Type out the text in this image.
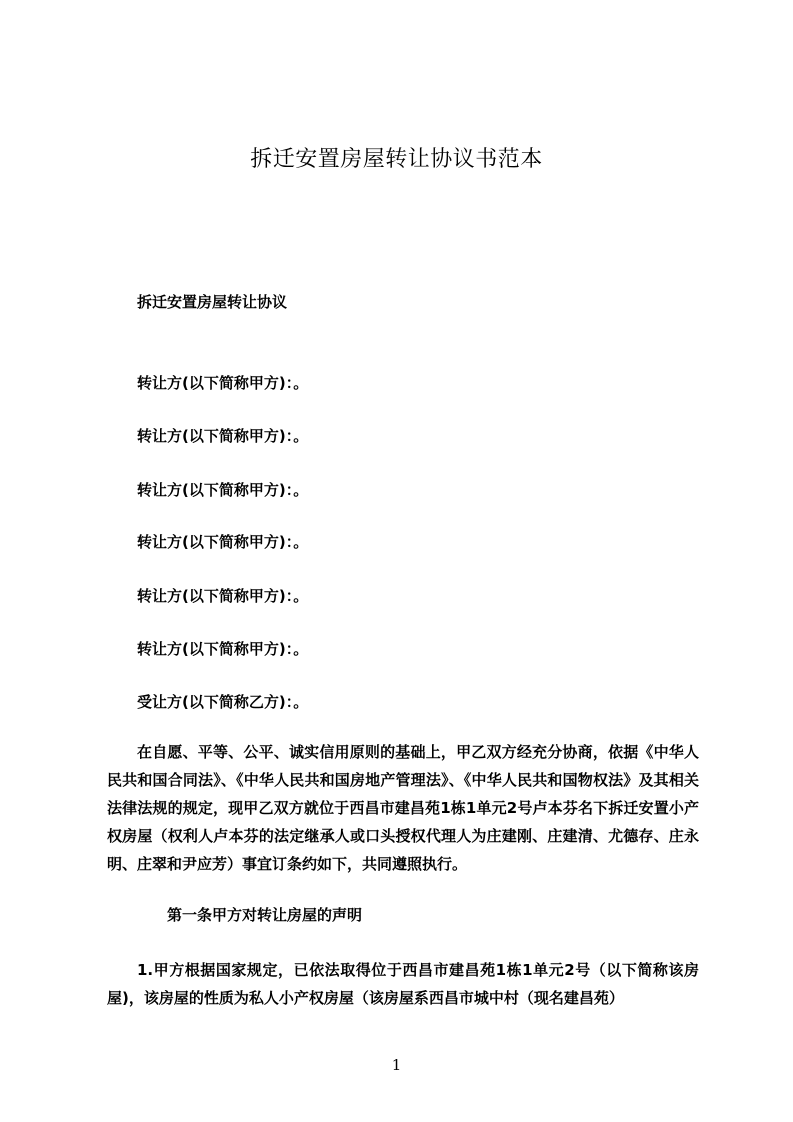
拆迁安置房屋转让协议书范本
拆迁安置房屋转让协议
转让方(以下简称甲方)：。
转让方(以下简称甲方)：。
转让方(以下简称甲方)：。
转让方(以下简称甲方)：。
转让方(以下简称甲方)：。
转让方(以下简称甲方)：。
受让方(以下简称乙方)：。

在自愿、平等、公平、诚实信用原则的基础上，甲乙双方经充分协商，依据《中华人民共和国合同法》、《中华人民共和国房地产管理法》、《中华人民共和国物权法》及其相关法律法规的规定，现甲乙双方就位于西昌市建昌苑1栋1单元2号卢本芬名下拆迁安置小产权房屋（权利人卢本芬的法定继承人或口头授权代理人为庄建刚、庄建清、尤德存、庄永明、庄翠和尹应芳）事宜订条约如下，共同遵照执行。

第一条甲方对转让房屋的声明

1.甲方根据国家规定，已依法取得位于西昌市建昌苑1栋1单元2号（以下简称该房屋)，该房屋的性质为私人小产权房屋（该房屋系西昌市城中村（现名建昌苑）

1
